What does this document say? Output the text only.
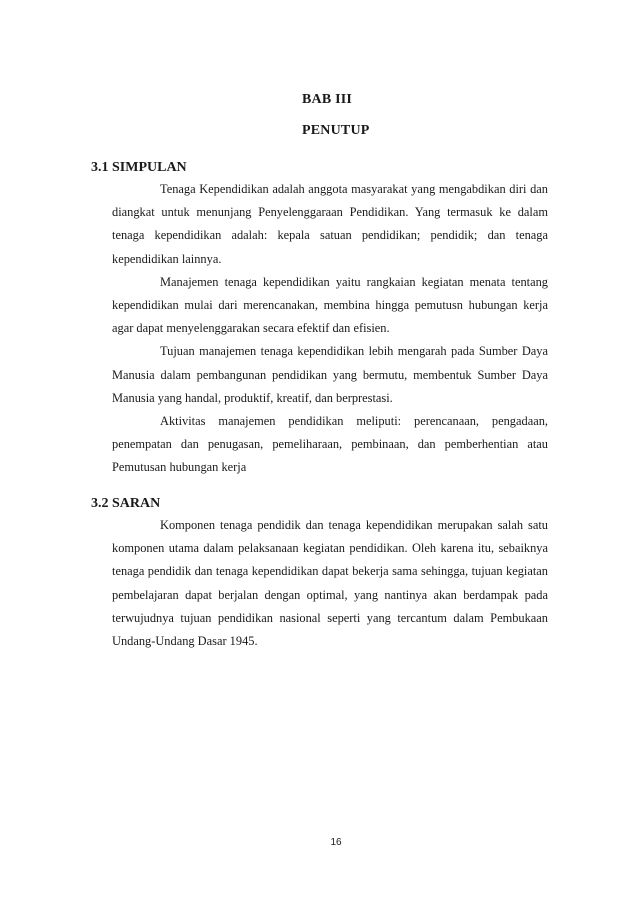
BAB III
PENUTUP
3.1 SIMPULAN

Tenaga Kependidikan adalah anggota masyarakat yang mengabdikan diri dan diangkat untuk menunjang Penyelenggaraan Pendidikan. Yang termasuk ke dalam tenaga kependidikan adalah: kepala satuan pendidikan; pendidik; dan tenaga kependidikan lainnya.

Manajemen tenaga kependidikan yaitu rangkaian kegiatan menata tentang kependidikan mulai dari merencanakan, membina hingga pemutusn hubungan kerja agar dapat menyelenggarakan secara efektif dan efisien.

Tujuan manajemen tenaga kependidikan lebih mengarah pada Sumber Daya Manusia dalam pembangunan pendidikan yang bermutu, membentuk Sumber Daya Manusia yang handal, produktif, kreatif, dan berprestasi.

Aktivitas manajemen pendidikan meliputi: perencanaan, pengadaan, penempatan dan penugasan, pemeliharaan, pembinaan, dan pemberhentian atau Pemutusan hubungan kerja

3.2 SARAN

Komponen tenaga pendidik dan tenaga kependidikan merupakan salah satu komponen utama dalam pelaksanaan kegiatan pendidikan. Oleh karena itu, sebaiknya tenaga pendidik dan tenaga kependidikan dapat bekerja sama sehingga, tujuan kegiatan pembelajaran dapat berjalan dengan optimal, yang nantinya akan berdampak pada terwujudnya tujuan pendidikan nasional seperti yang tercantum dalam Pembukaan Undang-Undang Dasar 1945.

16
